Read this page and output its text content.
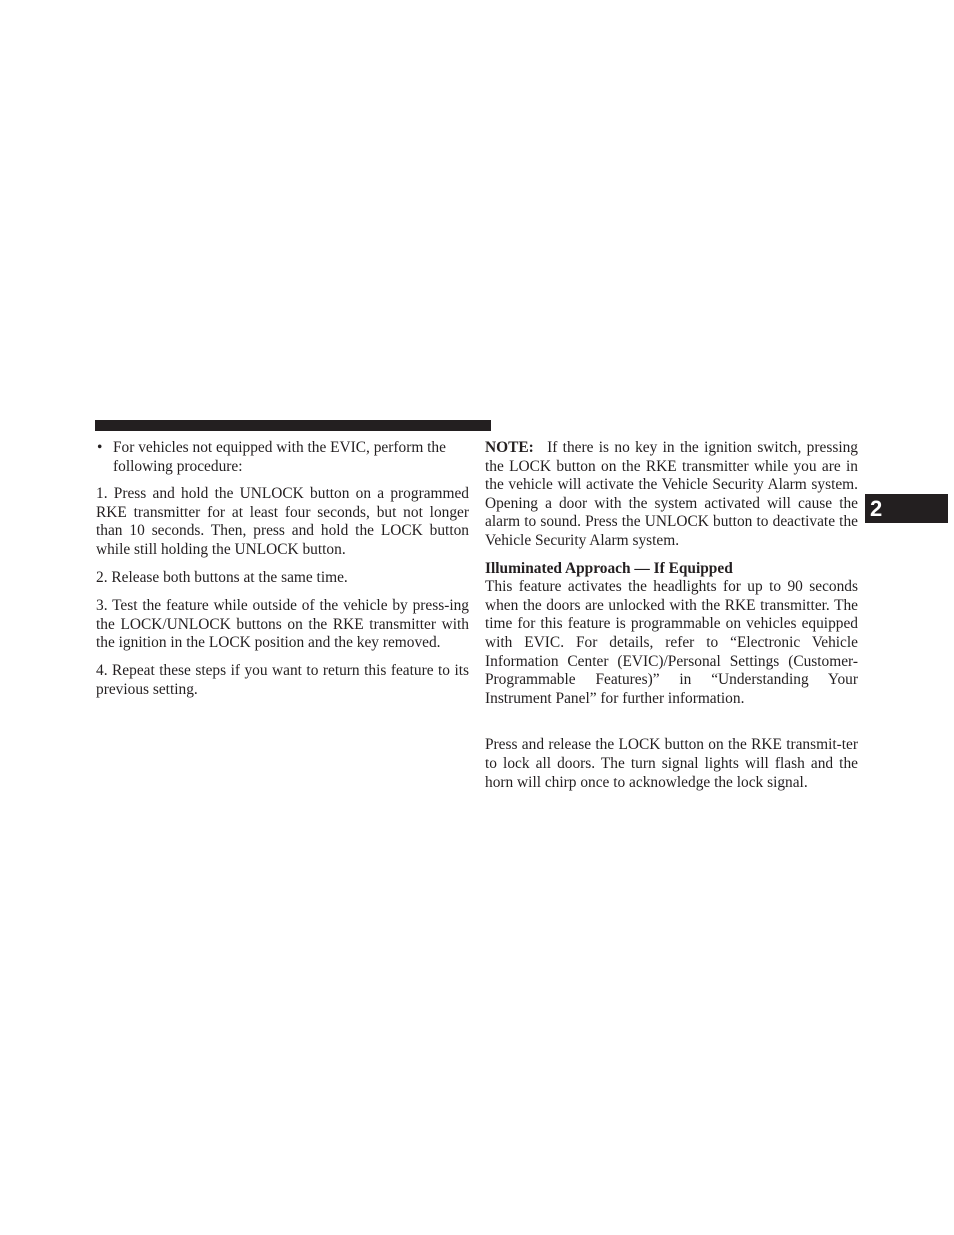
2

• For vehicles not equipped with the EVIC, perform the following procedure:

1. Press and hold the UNLOCK button on a programmed RKE transmitter for at least four seconds, but not longer than 10 seconds. Then, press and hold the LOCK button while still holding the UNLOCK button.

2. Release both buttons at the same time.

3. Test the feature while outside of the vehicle by press-ing the LOCK/UNLOCK buttons on the RKE transmitter with the ignition in the LOCK position and the key removed.

4. Repeat these steps if you want to return this feature to its previous setting.

NOTE: If there is no key in the ignition switch, pressing the LOCK button on the RKE transmitter while you are in the vehicle will activate the Vehicle Security Alarm system. Opening a door with the system activated will cause the alarm to sound. Press the UNLOCK button to deactivate the Vehicle Security Alarm system.

Illuminated Approach — If Equipped

This feature activates the headlights for up to 90 seconds when the doors are unlocked with the RKE transmitter. The time for this feature is programmable on vehicles equipped with EVIC. For details, refer to “Electronic Vehicle Information Center (EVIC)/Personal Settings (Customer-Programmable Features)” in “Understanding Your Instrument Panel” for further information.

Press and release the LOCK button on the RKE transmit-ter to lock all doors. The turn signal lights will flash and the horn will chirp once to acknowledge the lock signal.
